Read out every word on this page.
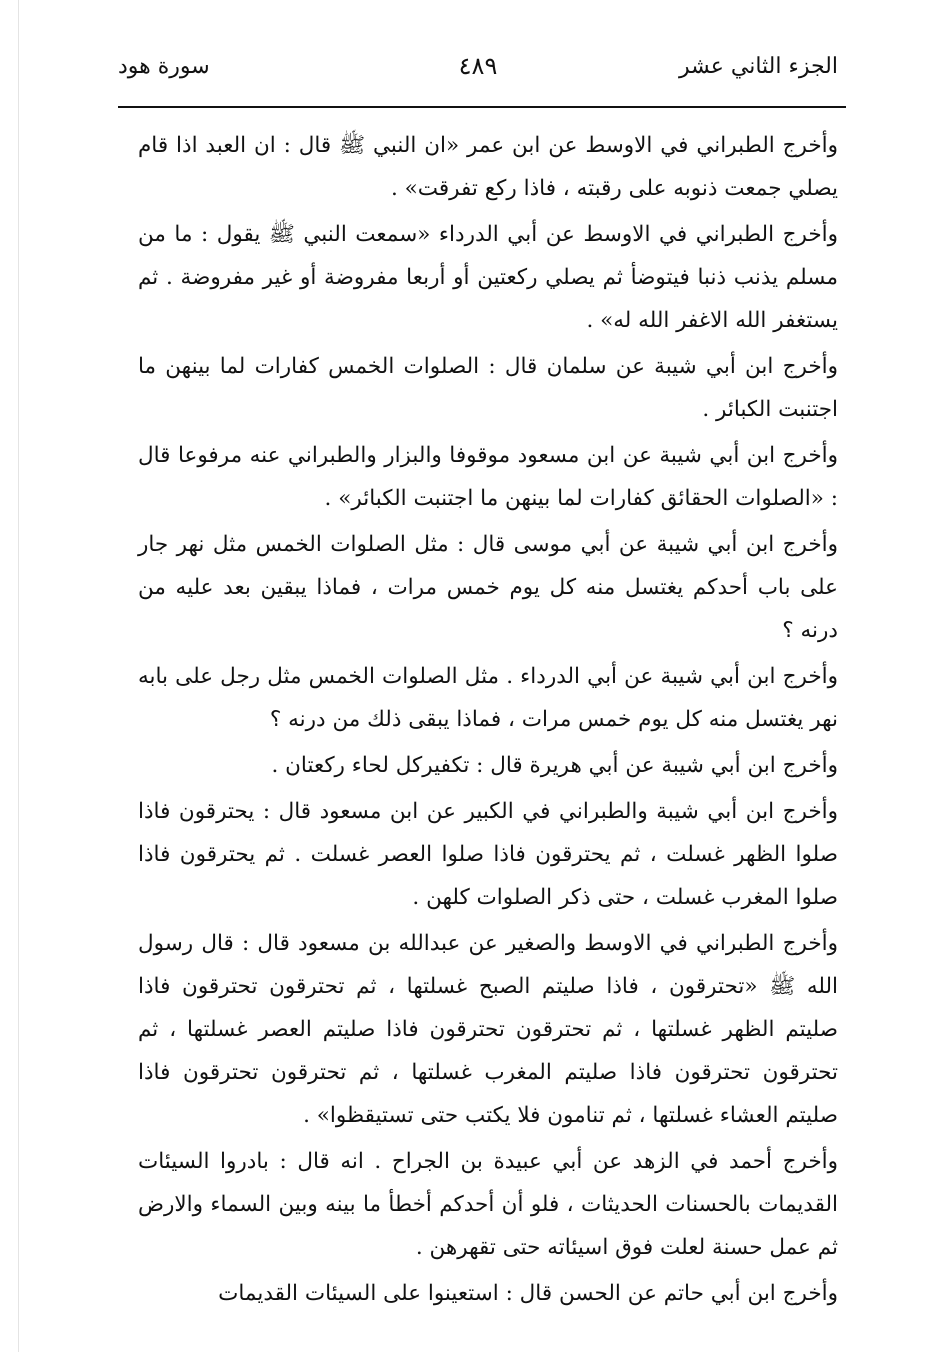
الجزء الثاني عشر
٤٨٩
سورة هود

وأخرج الطبراني في الاوسط عن ابن عمر «ان النبي ﷺ قال : ان العبد اذا قام يصلي جمعت ذنوبه على رقبته ، فاذا ركع تفرقت» .

وأخرج الطبراني في الاوسط عن أبي الدرداء «سمعت النبي ﷺ يقول : ما من مسلم يذنب ذنبا فيتوضأ ثم يصلي ركعتين أو أربعا مفروضة أو غير مفروضة . ثم يستغفر الله الاغفر الله له» .

وأخرج ابن أبي شيبة عن سلمان قال : الصلوات الخمس كفارات لما بينهن ما اجتنبت الكبائر .

وأخرج ابن أبي شيبة عن ابن مسعود موقوفا والبزار والطبراني عنه مرفوعا قال : «الصلوات الحقائق كفارات لما بينهن ما اجتنبت الكبائر» .

وأخرج ابن أبي شيبة عن أبي موسى قال : مثل الصلوات الخمس مثل نهر جار على باب أحدكم يغتسل منه كل يوم خمس مرات ، فماذا يبقين بعد عليه من درنه ؟

وأخرج ابن أبي شيبة عن أبي الدرداء . مثل الصلوات الخمس مثل رجل على بابه نهر يغتسل منه كل يوم خمس مرات ، فماذا يبقى ذلك من درنه ؟

وأخرج ابن أبي شيبة عن أبي هريرة قال : تكفيركل لحاء ركعتان .

وأخرج ابن أبي شيبة والطبراني في الكبير عن ابن مسعود قال : يحترقون فاذا صلوا الظهر غسلت ، ثم يحترقون فاذا صلوا العصر غسلت . ثم يحترقون فاذا صلوا المغرب غسلت ، حتى ذكر الصلوات كلهن .

وأخرج الطبراني في الاوسط والصغير عن عبدالله بن مسعود قال : قال رسول الله ﷺ «تحترقون ، فاذا صليتم الصبح غسلتها ، ثم تحترقون تحترقون فاذا صليتم الظهر غسلتها ، ثم تحترقون تحترقون فاذا صليتم العصر غسلتها ، ثم تحترقون تحترقون فاذا صليتم المغرب غسلتها ، ثم تحترقون تحترقون فاذا صليتم العشاء غسلتها ، ثم تنامون فلا يكتب حتى تستيقظوا» .

وأخرج أحمد في الزهد عن أبي عبيدة بن الجراح . انه قال : بادروا السيئات القديمات بالحسنات الحديثات ، فلو أن أحدكم أخطأ ما بينه وبين السماء والارض ثم عمل حسنة لعلت فوق اسيئاته حتى تقهرهن .

وأخرج ابن أبي حاتم عن الحسن قال : استعينوا على السيئات القديمات
